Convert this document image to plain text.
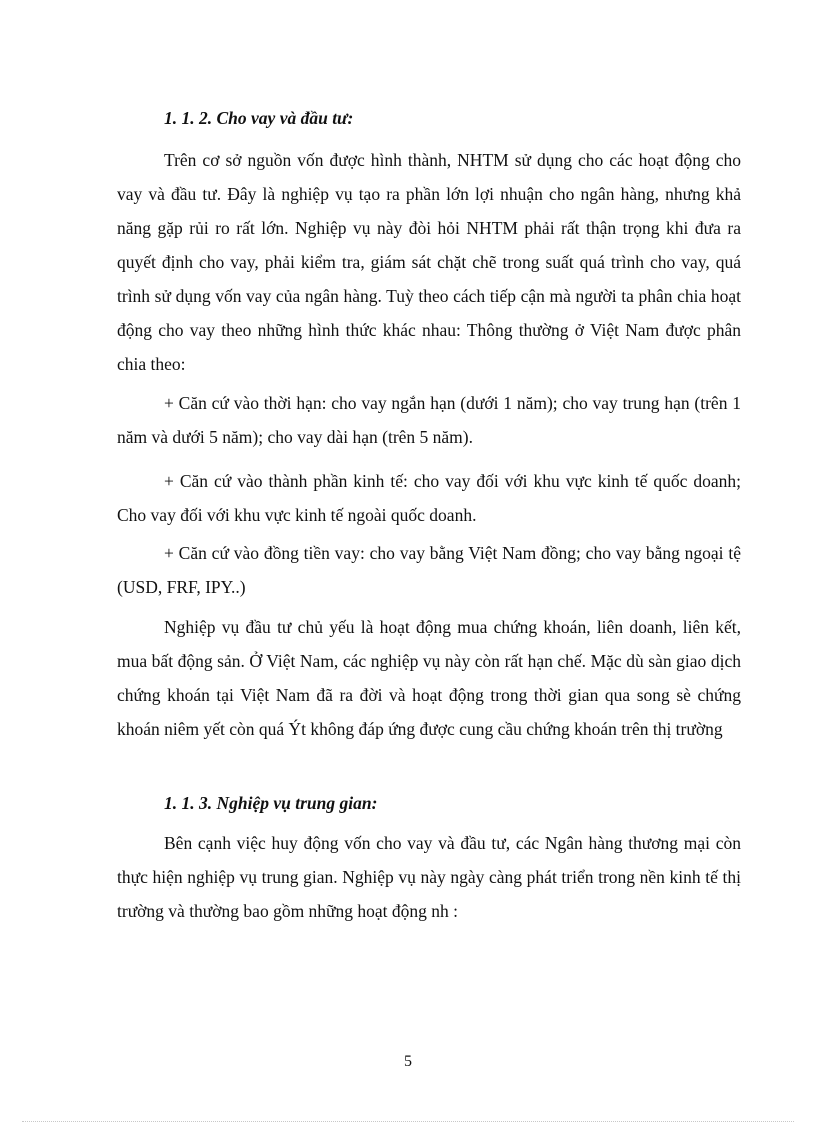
1. 1. 2. Cho vay và đầu tư:

Trên cơ sở nguồn vốn được hình thành, NHTM sử dụng cho các hoạt động cho vay và đầu tư. Đây là nghiệp vụ tạo ra phần lớn lợi nhuận cho ngân hàng, nhưng khả năng gặp rủi ro rất lớn. Nghiệp vụ này đòi hỏi NHTM phải rất thận trọng khi đưa ra quyết định cho vay, phải kiểm tra, giám sát chặt chẽ trong suất quá trình cho vay, quá trình sử dụng vốn vay của ngân hàng. Tuỳ theo cách tiếp cận mà người ta phân chia hoạt động cho vay theo những hình thức khác nhau: Thông thường ở Việt Nam được phân chia theo:

+ Căn cứ vào thời hạn: cho vay ngắn hạn (dưới 1 năm); cho vay trung hạn (trên 1 năm và dưới 5 năm); cho vay dài hạn (trên 5 năm).

+ Căn cứ vào thành phần kinh tế: cho vay đối với khu vực kinh tế quốc doanh; Cho vay đối với khu vực kinh tế ngoài quốc doanh.

+ Căn cứ vào đồng tiền vay: cho vay bằng Việt Nam đồng; cho vay bằng ngoại tệ (USD, FRF, IPY..)

Nghiệp vụ đầu tư chủ yếu là hoạt động mua chứng khoán, liên doanh, liên kết, mua bất động sản. Ở Việt Nam, các nghiệp vụ này còn rất hạn chế. Mặc dù sàn giao dịch chứng khoán tại Việt Nam đã ra đời và hoạt động trong thời gian qua song sè chứng khoán niêm yết còn quá Ýt không đáp ứng được cung cầu chứng khoán trên thị trường

1. 1. 3. Nghiệp vụ trung gian:

Bên cạnh việc huy động vốn cho vay và đầu tư, các Ngân hàng thương mại còn thực hiện nghiệp vụ trung gian. Nghiệp vụ này ngày càng phát triển trong nền kinh tế thị trường và thường bao gồm những hoạt động nh :

5
